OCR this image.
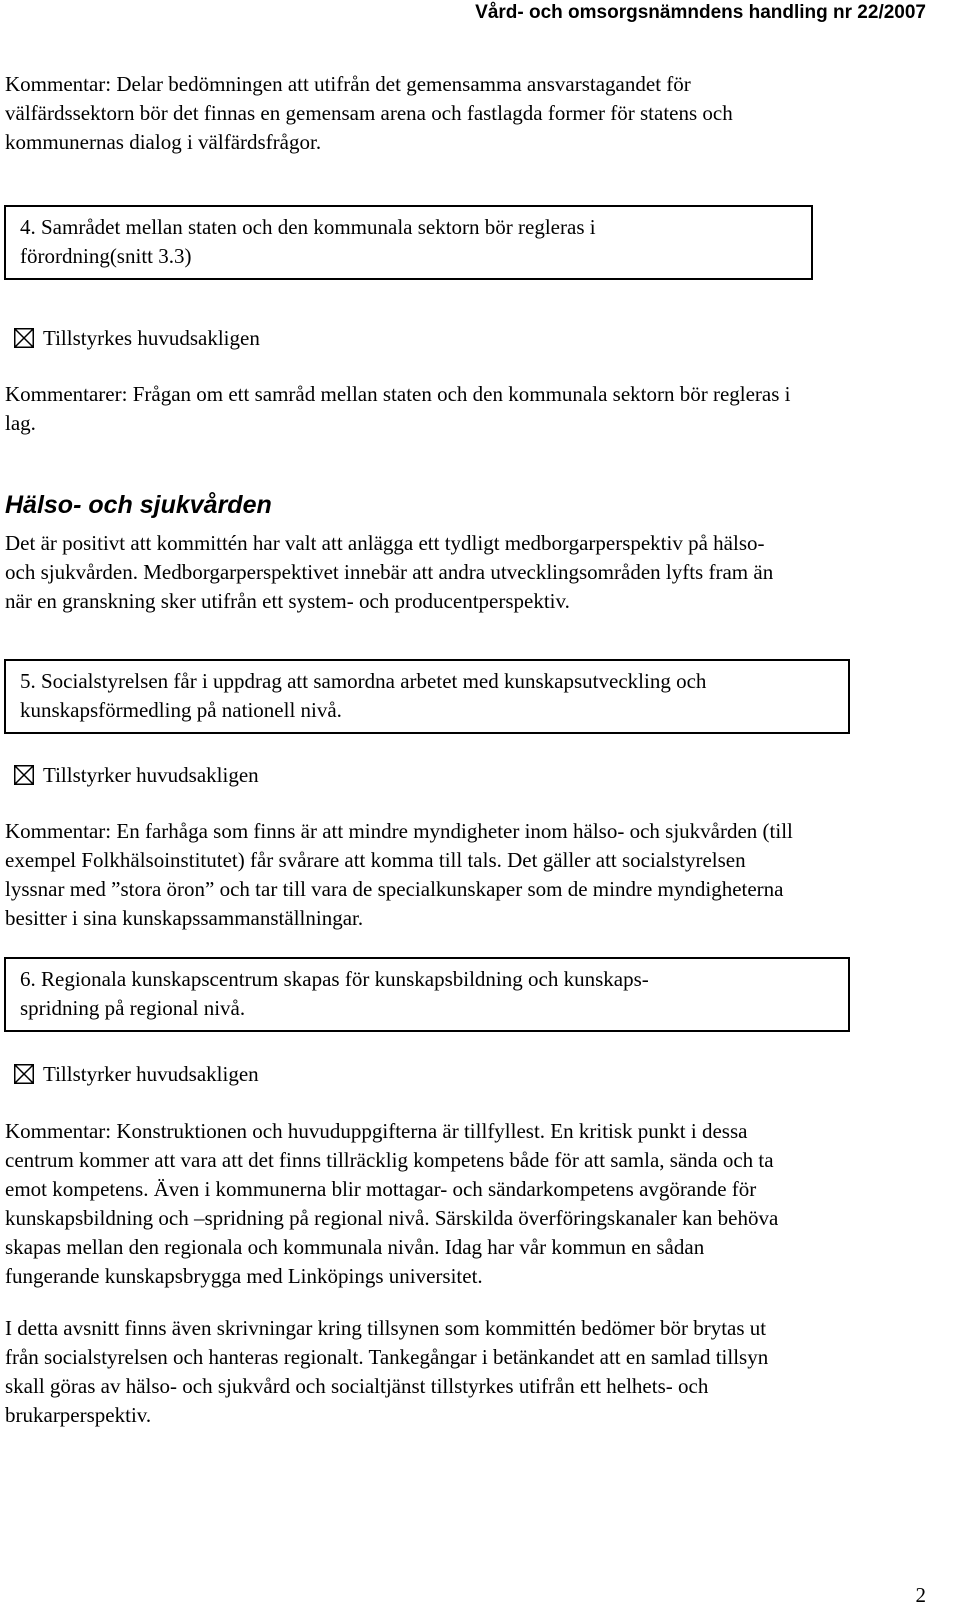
Vård- och omsorgsnämndens handling nr 22/2007

Kommentar: Delar bedömningen att utifrån det gemensamma ansvarstagandet för
välfärdssektorn bör det finnas en gemensam arena och fastlagda former för statens och
kommunernas dialog i välfärdsfrågor.

4. Samrådet mellan staten och den kommunala sektorn bör regleras i
förordning(snitt 3.3)
Tillstyrkes huvudsakligen

Kommentarer: Frågan om ett samråd mellan staten och den kommunala sektorn bör regleras i
lag.

Hälso- och sjukvården

Det är positivt att kommittén har valt att anlägga ett tydligt medborgarperspektiv på hälso-
och sjukvården. Medborgarperspektivet innebär att andra utvecklingsområden lyfts fram än
när en granskning sker utifrån ett system- och producentperspektiv.

5. Socialstyrelsen får i uppdrag att samordna arbetet med kunskapsutveckling och
kunskapsförmedling på nationell nivå.
Tillstyrker huvudsakligen

Kommentar: En farhåga som finns är att mindre myndigheter inom hälso- och sjukvården (till
exempel Folkhälsoinstitutet) får svårare att komma till tals. Det gäller att socialstyrelsen
lyssnar med ”stora öron” och tar till vara de specialkunskaper som de mindre myndigheterna
besitter i sina kunskapssammanställningar.

6. Regionala kunskapscentrum skapas för kunskapsbildning och kunskaps-
spridning på regional nivå.
Tillstyrker huvudsakligen

Kommentar: Konstruktionen och huvuduppgifterna är tillfyllest. En kritisk punkt i dessa
centrum kommer att vara att det finns tillräcklig kompetens både för att samla, sända och ta
emot kompetens. Även i kommunerna blir mottagar- och sändarkompetens avgörande för
kunskapsbildning och –spridning på regional nivå. Särskilda överföringskanaler kan behöva
skapas mellan den regionala och kommunala nivån. Idag har vår kommun en sådan
fungerande kunskapsbrygga med Linköpings universitet.

I detta avsnitt finns även skrivningar kring tillsynen som kommittén bedömer bör brytas ut
från socialstyrelsen och hanteras regionalt. Tankegångar i betänkandet att en samlad tillsyn
skall göras av hälso- och sjukvård och socialtjänst tillstyrkes utifrån ett helhets- och
brukarperspektiv.

2
